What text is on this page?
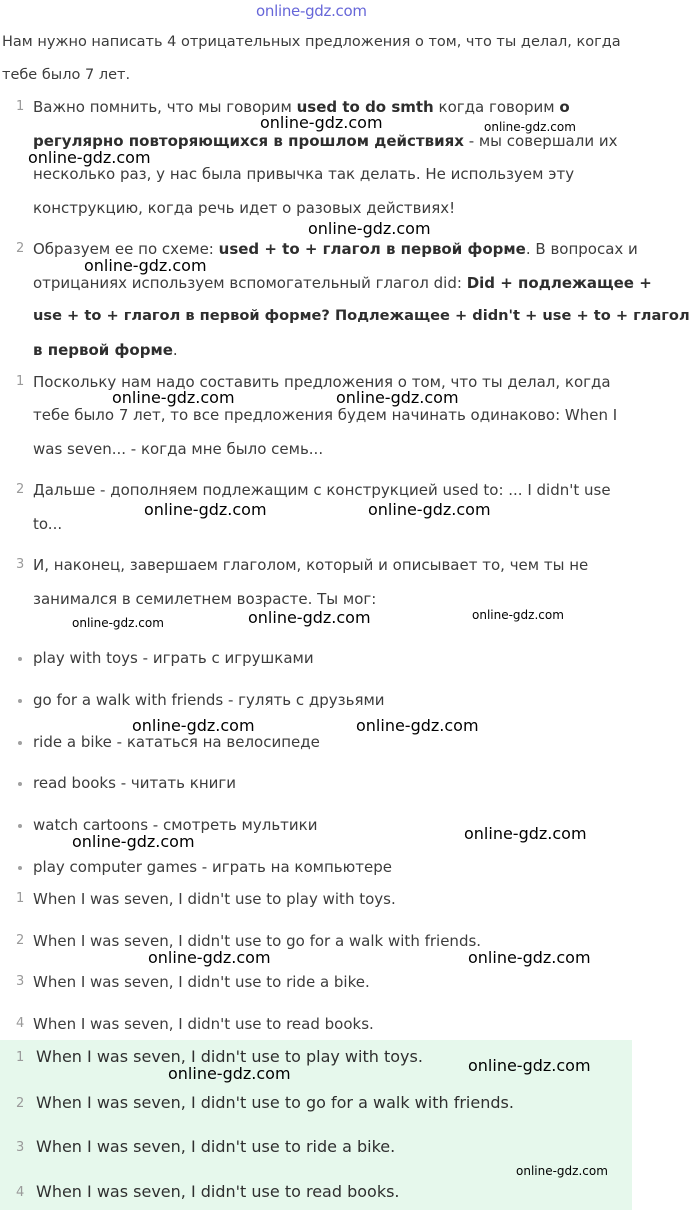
online-gdz.com
Нам нужно написать 4 отрицательных предложения о том, что ты делал, когда
тебе было 7 лет.
1 Важно помнить, что мы говорим used to do smth когда говорим о
регулярно повторяющихся в прошлом действиях - мы совершали их
несколько раз, у нас была привычка так делать. Не используем эту
конструкцию, когда речь идет о разовых действиях!
2 Образуем ее по схеме: used + to + глагол в первой форме. В вопросах и
отрицаниях используем вспомогательный глагол did: Did + подлежащее +
use + to + глагол в первой форме? Подлежащее + didn't + use + to + глагол
в первой форме.
1 Поскольку нам надо составить предложения о том, что ты делал, когда
тебе было 7 лет, то все предложения будем начинать одинаково: When I
was seven... - когда мне было семь...
2 Дальше - дополняем подлежащим с конструкцией used to: ... I didn't use
to...
3 И, наконец, завершаем глаголом, который и описывает то, чем ты не
занимался в семилетнем возрасте. Ты мог:
play with toys - играть с игрушками
go for a walk with friends - гулять с друзьями
ride a bike - кататься на велосипеде
read books - читать книги
watch cartoons - смотреть мультики
play computer games - играть на компьютере
1 When I was seven, I didn't use to play with toys.
2 When I was seven, I didn't use to go for a walk with friends.
3 When I was seven, I didn't use to ride a bike.
4 When I was seven, I didn't use to read books.
1 When I was seven, I didn't use to play with toys.
2 When I was seven, I didn't use to go for a walk with friends.
3 When I was seven, I didn't use to ride a bike.
4 When I was seven, I didn't use to read books.
online-gdz.com	online-gdz.com
online-gdz.com
online-gdz.com
online-gdz.com
online-gdz.com	online-gdz.com
online-gdz.com	online-gdz.com
online-gdz.com	online-gdz.com
online-gdz.com
online-gdz.com	online-gdz.com
online-gdz.com
online-gdz.com
online-gdz.com	online-gdz.com
online-gdz.com
online-gdz.com
online-gdz.com
